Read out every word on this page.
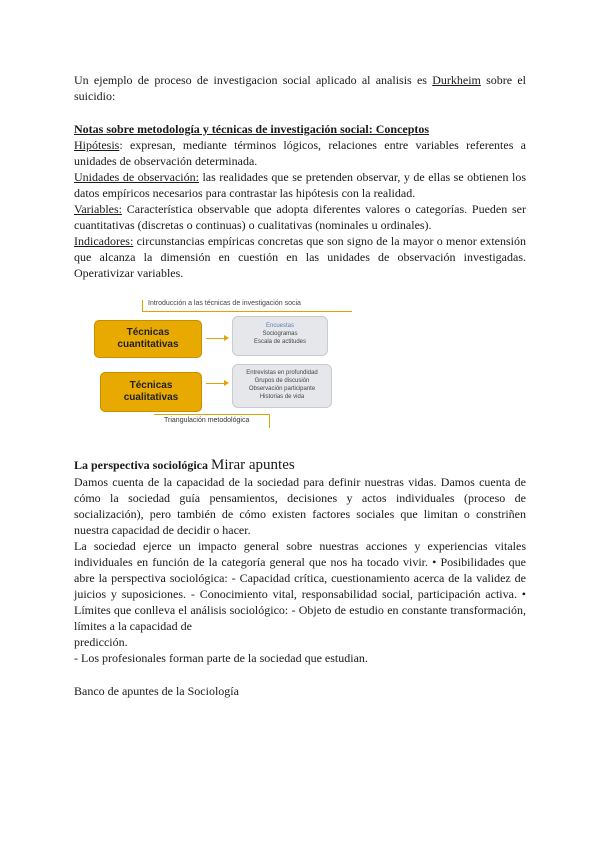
Un ejemplo de proceso de investigacion social aplicado al analisis es Durkheim sobre el suicidio:

Notas sobre metodología y técnicas de investigación social: Conceptos

Hipótesis: expresan, mediante términos lógicos, relaciones entre variables referentes a unidades de observación determinada.

Unidades de observación: las realidades que se pretenden observar, y de ellas se obtienen los datos empíricos necesarios para contrastar las hipótesis con la realidad.

Variables: Característica observable que adopta diferentes valores o categorías. Pueden ser cuantitativas (discretas o continuas) o cualitativas (nominales u ordinales).

Indicadores: circunstancias empíricas concretas que son signo de la mayor o menor extensión que alcanza la dimensión en cuestión en las unidades de observación investigadas. Operativizar variables.

Introducción a las técnicas de investigación socia
Técnicas cuantitativas
Encuestas
Sociogramas
Escala de actitudes
Técnicas cualitativas
Entrevistas en profundidad
Grupos de discusión
Observación participante
Historias de vida
Triangulación metodológica
La perspectiva sociológica Mirar apuntes

Damos cuenta de la capacidad de la sociedad para definir nuestras vidas. Damos cuenta de cómo la sociedad guía pensamientos, decisiones y actos individuales (proceso de socialización), pero también de cómo existen factores sociales que limitan o constriñen nuestra capacidad de decidir o hacer.

La sociedad ejerce un impacto general sobre nuestras acciones y experiencias vitales individuales en función de la categoría general que nos ha tocado vivir. • Posibilidades que abre la perspectiva sociológica: - Capacidad crítica, cuestionamiento acerca de la validez de juicios y suposiciones. - Conocimiento vital, responsabilidad social, participación activa. • Límites que conlleva el análisis sociológico: - Objeto de estudio en constante transformación, límites a la capacidad de

predicción.

- Los profesionales forman parte de la sociedad que estudian.

Banco de apuntes de la Sociología
